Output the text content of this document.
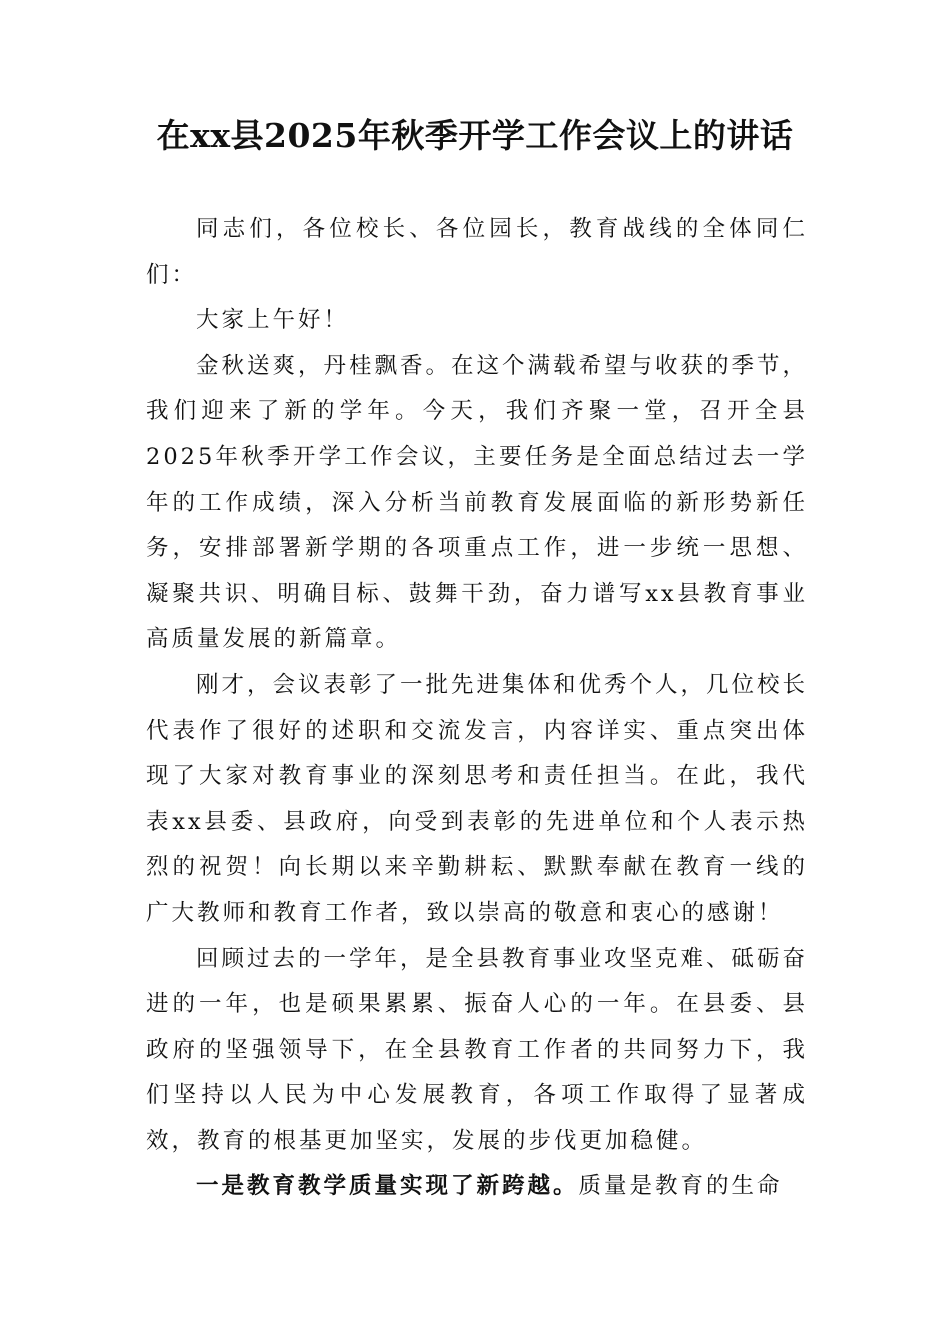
在xx县2025年秋季开学工作会议上的讲话

同志们，各位校长、各位园长，教育战线的全体同仁们：

大家上午好！

金秋送爽，丹桂飘香。在这个满载希望与收获的季节，我们迎来了新的学年。今天，我们齐聚一堂，召开全县2025年秋季开学工作会议，主要任务是全面总结过去一学年的工作成绩，深入分析当前教育发展面临的新形势新任务，安排部署新学期的各项重点工作，进一步统一思想、凝聚共识、明确目标、鼓舞干劲，奋力谱写xx县教育事业高质量发展的新篇章。

刚才，会议表彰了一批先进集体和优秀个人，几位校长代表作了很好的述职和交流发言，内容详实、重点突出体现了大家对教育事业的深刻思考和责任担当。在此，我代表xx县委、县政府，向受到表彰的先进单位和个人表示热烈的祝贺！向长期以来辛勤耕耘、默默奉献在教育一线的广大教师和教育工作者，致以崇高的敬意和衷心的感谢！

回顾过去的一学年，是全县教育事业攻坚克难、砥砺奋进的一年，也是硕果累累、振奋人心的一年。在县委、县政府的坚强领导下，在全县教育工作者的共同努力下，我们坚持以人民为中心发展教育，各项工作取得了显著成效，教育的根基更加坚实，发展的步伐更加稳健。

一是教育教学质量实现了新跨越。质量是教育的生命
